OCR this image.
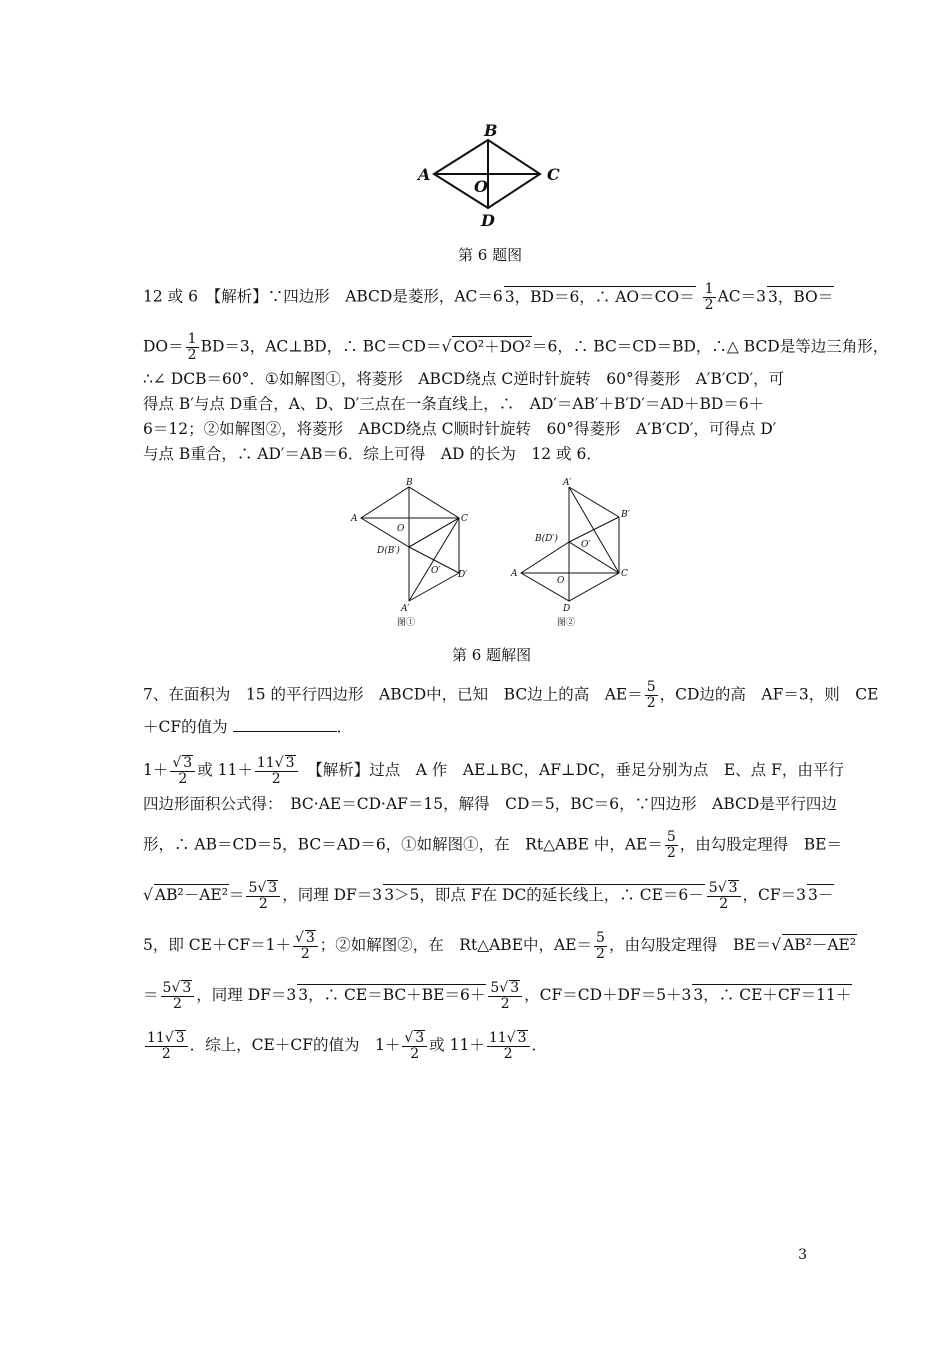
B
A	C
O
D
第 6 题图
12 或 6　【解析】∵四边形　ABCD是菱形，AC＝6 3，BD＝6，∴ $AO=CO= \frac{1}{2} AC=3$ 3，BO＝
$DO= \frac{1}{2} BD=3$，AC⊥BD，∴ BC＝CD＝√ CO²＋DO²＝6，∴ BC＝CD＝BD，∴△ BCD是等边三角形，
∴∠ DCB＝60°．①如解图①，将菱形　ABCD绕点 C逆时针旋转　60°得菱形　A′B′CD′，可
得点 B′与点 D重合，A、D、D′三点在一条直线上，∴　AD′＝AB′＋B′D′＝AD＋BD＝6＋
6＝12；②如解图②，将菱形　ABCD绕点 C顺时针旋转　60°得菱形　A′B′CD′，可得点 D′
与点 B重合，∴ AD′＝AB＝6．综上可得　AD 的长为　12 或 6．
B
A	C
O
D(B′)
O′ D′
A′
图①
A′
B′
B(D′)
O′
A
O
C
D
图②
第 6 题解图
7、在面积为　15 的平行四边形　ABCD中，已知　BC边上的高　$AE= \frac{5}{2}$ ，CD边的高　AF＝3，则　CE
＋CF的值为	．
$1+ \frac{√ 3}{2}$ 或 $11+ \frac{11√ 3}{2}$ 　【解析】过点　A 作　AE⊥BC，AF⊥DC，垂足分别为点　E、点 F，由平行
四边形面积公式得：　BC·AE＝CD·AF＝15，解得　CD＝5，BC＝6，∵四边形　ABCD是平行四边
形，∴ AB＝CD＝5，BC＝AD＝6，①如解图①，在　Rt△ABE 中，$AE= \frac{5}{2}$ ，由勾股定理得　BE＝
√ $AB^2-AE^2= \frac{5√ 3}{2}$ ，同理 DF＝3 3＞5，即点 F在 DC的延长线上，∴ $CE=6- \frac{5√ 3}{2}$ ，CF＝3 3－
5，即 $CE+CF=1+ \frac{√ 3}{2}$ ；②如解图②，在　Rt△ABE中，$AE= \frac{5}{2}$ ，由勾股定理得　BE＝√ AB²－AE²
＝ $\frac{5√ 3}{2}$ ，同理 DF＝3 3，∴ $CE=BC+BE=6+ \frac{5√ 3}{2}$ ，CF＝CD＋DF＝5＋3 3，∴ CE＋CF＝11＋
$\frac{11√ 3}{2}$ ．综上，CE＋CF的值为　$1+ \frac{√ 3}{2}$ 或 $11+ \frac{11√ 3}{2}$ ．
3
